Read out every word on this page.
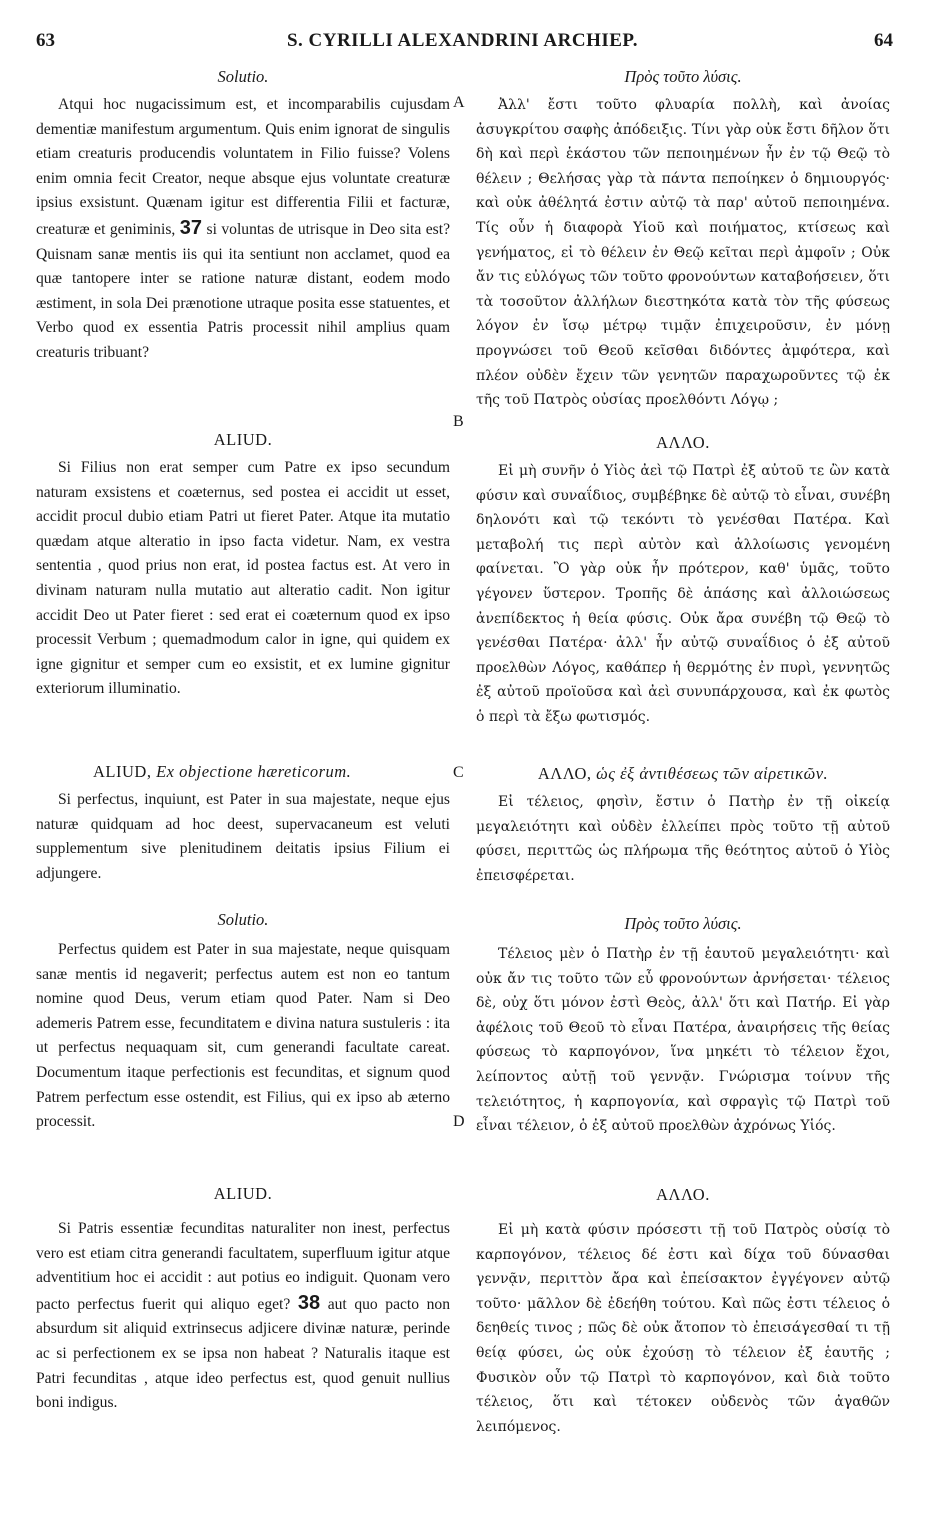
63	S. CYRILLI ALEXANDRINI ARCHIEP.	64
A
B
C
D
Solutio.
Atqui hoc nugacissimum est, et incomparabilis cujusdam dementiæ manifestum argumentum. Quis enim ignorat de singulis etiam creaturis producendis voluntatem in Filio fuisse? Volens enim omnia fecit Creator, neque absque ejus voluntate creaturæ ipsius exsistunt. Quænam igitur est differentia Filii et facturæ, creaturæ et geniminis, 37 si voluntas de utrisque in Deo sita est? Quisnam sanæ mentis iis qui ita sentiunt non acclamet, quod ea quæ tantopere inter se ratione naturæ distant, eodem modo æstiment, in sola Dei prænotione utraque posita esse statuentes, et Verbo quod ex essentia Patris processit nihil amplius quam creaturis tribuant?
ALIUD.
Si Filius non erat semper cum Patre ex ipso secundum naturam exsistens et coæternus, sed postea ei accidit ut esset, accidit procul dubio etiam Patri ut fieret Pater. Atque ita mutatio quædam atque alteratio in ipso facta videtur. Nam, ex vestra sententia , quod prius non erat, id postea factus est. At vero in divinam naturam nulla mutatio aut alteratio cadit. Non igitur accidit Deo ut Pater fieret : sed erat ei coæternum quod ex ipso processit Verbum ; quemadmodum calor in igne, qui quidem ex igne gignitur et semper cum eo exsistit, et ex lumine gignitur exteriorum illuminatio.
ALIUD, Ex objectione hæreticorum.
Si perfectus, inquiunt, est Pater in sua majestate, neque ejus naturæ quidquam ad hoc deest, supervacaneum est veluti supplementum sive plenitudinem deitatis ipsius Filium ei adjungere.
Solutio.
Perfectus quidem est Pater in sua majestate, neque quisquam sanæ mentis id negaverit; perfectus autem est non eo tantum nomine quod Deus, verum etiam quod Pater. Nam si Deo ademeris Patrem esse, fecunditatem e divina natura sustuleris : ita ut perfectus nequaquam sit, cum generandi facultate careat. Documentum itaque perfectionis est fecunditas, et signum quod Patrem perfectum esse ostendit, est Filius, qui ex ipso ab æterno processit.
ALIUD.
Si Patris essentiæ fecunditas naturaliter non inest, perfectus vero est etiam citra generandi facultatem, superfluum igitur atque adventitium hoc ei accidit : aut potius eo indiguit. Quonam vero pacto perfectus fuerit qui aliquo eget? 38 aut quo pacto non absurdum sit aliquid extrinsecus adjicere divinæ naturæ, perinde ac si perfectionem ex se ipsa non habeat ? Naturalis itaque est Patri fecunditas , atque ideo perfectus est, quod genuit nullius boni indigus.
Πρὸς τοῦτο λύσις.
Ἀλλ' ἔστι τοῦτο φλυαρία πολλὴ, καὶ ἀνοίας ἀσυγκρίτου σαφὴς ἀπόδειξις. Τίνι γὰρ οὐκ ἔστι δῆλον ὅτι δὴ καὶ περὶ ἑκάστου τῶν πεποιημένων ἦν ἐν τῷ Θεῷ τὸ θέλειν ; Θελήσας γὰρ τὰ πάντα πεποίηκεν ὁ δημιουργός· καὶ οὐκ ἀθέλητά ἐστιν αὐτῷ τὰ παρ' αὐτοῦ πεποιημένα. Τίς οὖν ἡ διαφορὰ Υἱοῦ καὶ ποιήματος, κτίσεως καὶ γενήματος, εἰ τὸ θέλειν ἐν Θεῷ κεῖται περὶ ἀμφοῖν ; Οὐκ ἄν τις εὐλόγως τῶν τοῦτο φρονούντων καταβοήσειεν, ὅτι τὰ τοσοῦτον ἀλλήλων διεστηκότα κατὰ τὸν τῆς φύσεως λόγον ἐν ἴσῳ μέτρῳ τιμᾷν ἐπιχειροῦσιν, ἐν μόνῃ προγνώσει τοῦ Θεοῦ κεῖσθαι διδόντες ἀμφότερα, καὶ πλέον οὐδὲν ἔχειν τῶν γενητῶν παραχωροῦντες τῷ ἐκ τῆς τοῦ Πατρὸς οὐσίας προελθόντι Λόγῳ ;
ΑΛΛΟ.
Εἰ μὴ συνῆν ὁ Υἱὸς ἀεὶ τῷ Πατρὶ ἐξ αὐτοῦ τε ὢν κατὰ φύσιν καὶ συναΐδιος, συμβέβηκε δὲ αὐτῷ τὸ εἶναι, συνέβη δηλονότι καὶ τῷ τεκόντι τὸ γενέσθαι Πατέρα. Καὶ μεταβολή τις περὶ αὐτὸν καὶ ἀλλοίωσις γενομένη φαίνεται. Ὃ γὰρ οὐκ ἦν πρότερον, καθ' ὑμᾶς, τοῦτο γέγονεν ὕστερον. Τροπῆς δὲ ἁπάσης καὶ ἀλλοιώσεως ἀνεπίδεκτος ἡ θεία φύσις. Οὐκ ἄρα συνέβη τῷ Θεῷ τὸ γενέσθαι Πατέρα· ἀλλ' ἦν αὐτῷ συναΐδιος ὁ ἐξ αὐτοῦ προελθὼν Λόγος, καθάπερ ἡ θερμότης ἐν πυρὶ, γεννητῶς ἐξ αὐτοῦ προϊοῦσα καὶ ἀεὶ συνυπάρχουσα, καὶ ἐκ φωτὸς ὁ περὶ τὰ ἔξω φωτισμός.
ΑΛΛΟ, ὡς ἐξ ἀντιθέσεως τῶν αἱρετικῶν.
Εἰ τέλειος, φησὶν, ἔστιν ὁ Πατὴρ ἐν τῇ οἰκείᾳ μεγαλειότητι καὶ οὐδὲν ἐλλείπει πρὸς τοῦτο τῇ αὐτοῦ φύσει, περιττῶς ὡς πλήρωμα τῆς θεότητος αὐτοῦ ὁ Υἱὸς ἐπεισφέρεται.
Πρὸς τοῦτο λύσις.
Τέλειος μὲν ὁ Πατὴρ ἐν τῇ ἑαυτοῦ μεγαλειότητι· καὶ οὐκ ἄν τις τοῦτο τῶν εὖ φρονούντων ἀρνήσεται· τέλειος δὲ, οὐχ ὅτι μόνον ἐστὶ Θεὸς, ἀλλ' ὅτι καὶ Πατήρ. Εἰ γὰρ ἀφέλοις τοῦ Θεοῦ τὸ εἶναι Πατέρα, ἀναιρήσεις τῆς θείας φύσεως τὸ καρπογόνον, ἵνα μηκέτι τὸ τέλειον ἔχοι, λείποντος αὐτῇ τοῦ γεννᾷν. Γνώρισμα τοίνυν τῆς τελειότητος, ἡ καρπογονία, καὶ σφραγὶς τῷ Πατρὶ τοῦ εἶναι τέλειον, ὁ ἐξ αὐτοῦ προελθὼν ἀχρόνως Υἱός.
ΑΛΛΟ.
Εἰ μὴ κατὰ φύσιν πρόσεστι τῇ τοῦ Πατρὸς οὐσίᾳ τὸ καρπογόνον, τέλειος δέ ἐστι καὶ δίχα τοῦ δύνασθαι γεννᾷν, περιττὸν ἄρα καὶ ἐπείσακτον ἐγγέγονεν αὐτῷ τοῦτο· μᾶλλον δὲ ἐδεήθη τούτου. Καὶ πῶς ἐστι τέλειος ὁ δεηθείς τινος ; πῶς δὲ οὐκ ἄτοπον τὸ ἐπεισάγεσθαί τι τῇ θείᾳ φύσει, ὡς οὐκ ἐχούσῃ τὸ τέλειον ἐξ ἑαυτῆς ; Φυσικὸν οὖν τῷ Πατρὶ τὸ καρπογόνον, καὶ διὰ τοῦτο τέλειος, ὅτι καὶ τέτοκεν οὐδενὸς τῶν ἀγαθῶν λειπόμενος.
